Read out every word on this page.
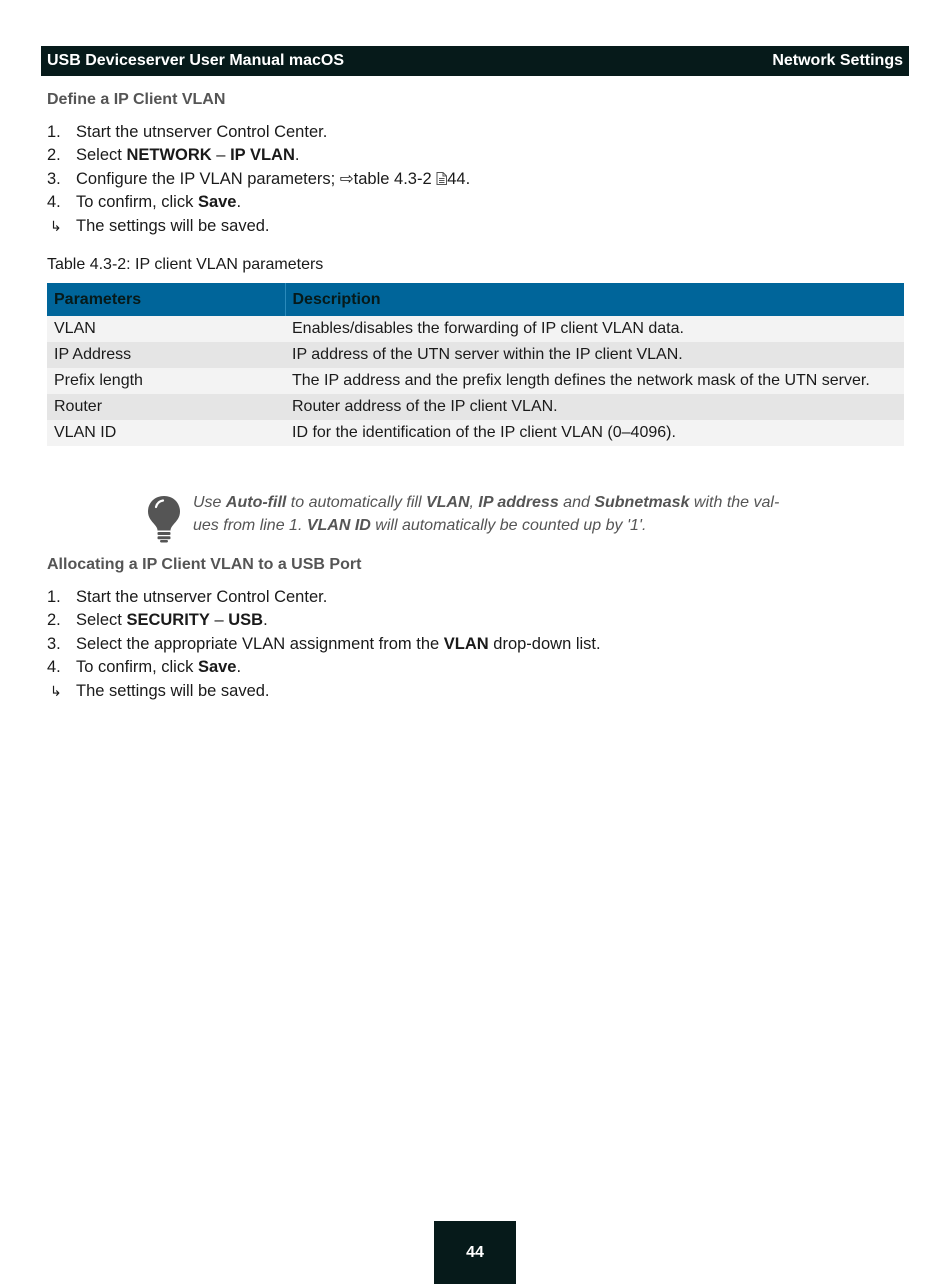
USB Deviceserver User Manual macOS	Network Settings
Define a IP Client VLAN
1. Start the utnserver Control Center.
2. Select NETWORK – IP VLAN.
3. Configure the IP VLAN parameters; ⇨table 4.3-2 44.
4. To confirm, click Save.
↳ The settings will be saved.
Table 4.3-2: IP client VLAN parameters
Parameters	Description
VLAN	Enables/disables the forwarding of IP client VLAN data.
IP Address	IP address of the UTN server within the IP client VLAN.
Prefix length	The IP address and the prefix length defines the network mask of the UTN server.
Router	Router address of the IP client VLAN.
VLAN ID	ID for the identification of the IP client VLAN (0–4096).
Use Auto-fill to automatically fill VLAN, IP address and Subnetmask with the val-
ues from line 1. VLAN ID will automatically be counted up by '1'.
Allocating a IP Client VLAN to a USB Port
1. Start the utnserver Control Center.
2. Select SECURITY – USB.
3. Select the appropriate VLAN assignment from the VLAN drop-down list.
4. To confirm, click Save.
↳ The settings will be saved.
44
